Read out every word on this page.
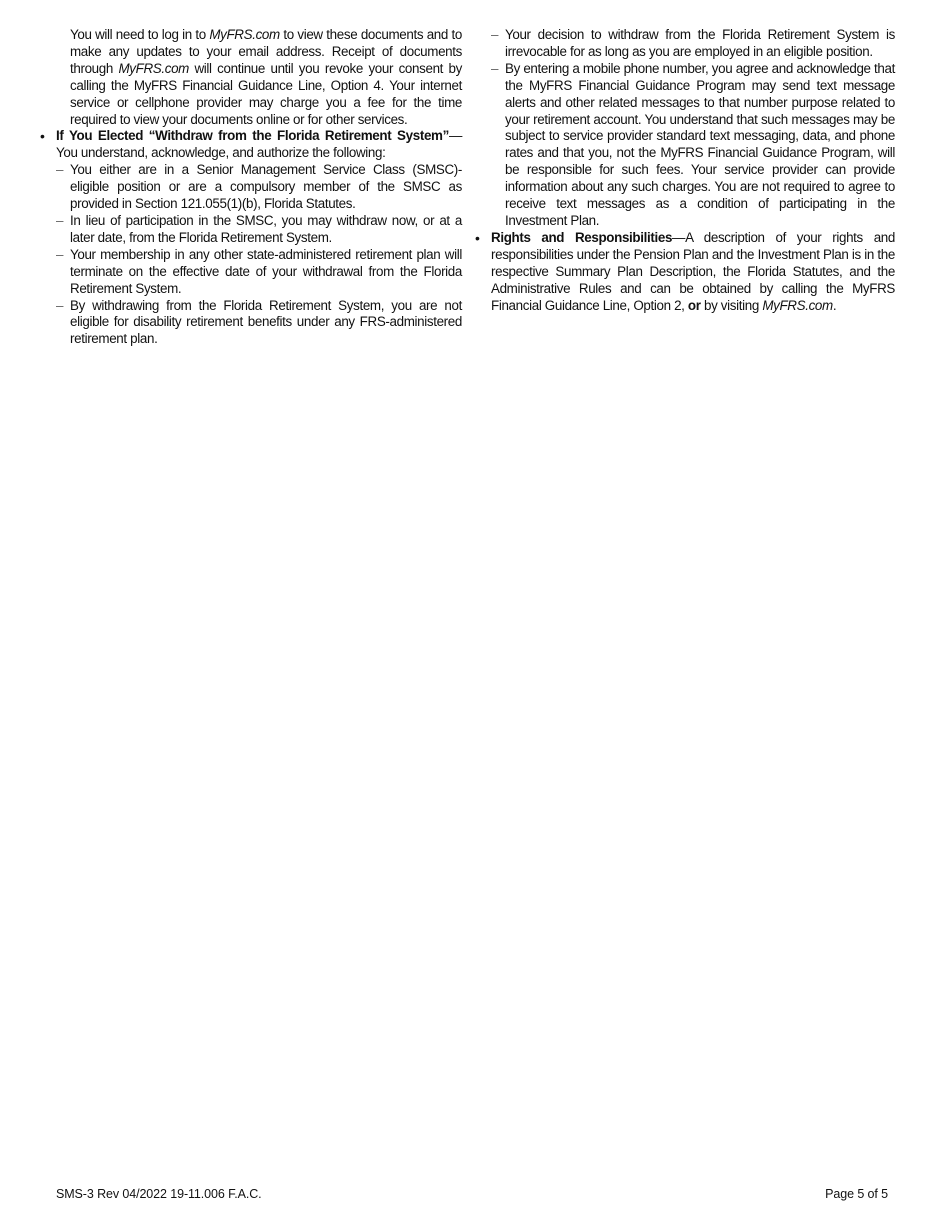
You will need to log in to MyFRS.com to view these documents and to make any updates to your email address. Receipt of documents through MyFRS.com will continue until you revoke your consent by calling the MyFRS Financial Guidance Line, Option 4. Your internet service or cellphone provider may charge you a fee for the time required to view your documents online or for other services.

• If You Elected “Withdraw from the Florida Retirement System”— You understand, acknowledge, and authorize the following:

– You either are in a Senior Management Service Class (SMSC)-eligible position or are a compulsory member of the SMSC as provided in Section 121.055(1)(b), Florida Statutes.

– In lieu of participation in the SMSC, you may withdraw now, or at a later date, from the Florida Retirement System.

– Your membership in any other state-administered retirement plan will terminate on the effective date of your withdrawal from the Florida Retirement System.

– By withdrawing from the Florida Retirement System, you are not eligible for disability retirement benefits under any FRS-administered retirement plan.

– Your decision to withdraw from the Florida Retirement System is irrevocable for as long as you are employed in an eligible position.

– By entering a mobile phone number, you agree and acknowledge that the MyFRS Financial Guidance Program may send text message alerts and other related messages to that number purpose related to your retirement account. You understand that such messages may be subject to service provider standard text messaging, data, and phone rates and that you, not the MyFRS Financial Guidance Program, will be responsible for such fees. Your service provider can provide information about any such charges. You are not required to agree to receive text messages as a condition of participating in the Investment Plan.

• Rights and Responsibilities—A description of your rights and responsibilities under the Pension Plan and the Investment Plan is in the respective Summary Plan Description, the Florida Statutes, and the Administrative Rules and can be obtained by calling the MyFRS Financial Guidance Line, Option 2, or by visiting MyFRS.com.

SMS-3 Rev 04/2022 19-11.006 F.A.C.	Page 5 of 5
